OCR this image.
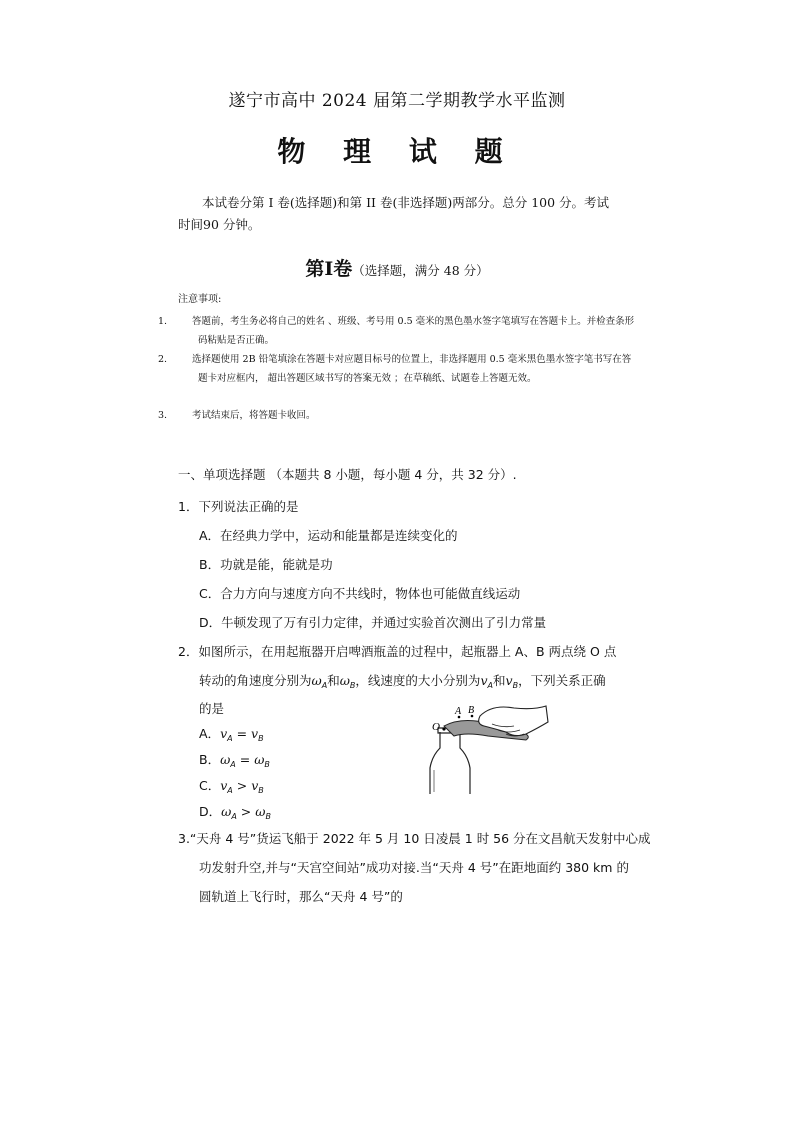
遂宁市高中 2024 届第二学期教学水平监测
物 理 试 题
本试卷分第 I 卷(选择题)和第 II 卷(非选择题)两部分。总分 100 分。考试时间90 分钟。
第Ⅰ卷（选择题，满分 48 分）
注意事项:
1.	答题前，考生务必将自己的姓名 、班级、考号用 0.5 毫米的黑色墨水签字笔填写在答题卡上。并检查条形码粘贴是否正确。
2.	选择题使用 2B 铅笔填涂在答题卡对应题目标号的位置上，非选择题用 0.5 毫米黑色墨水签字笔书写在答题卡对应框内， 超出答题区域书写的答案无效 ；在草稿纸、试题卷上答题无效。
3.	考试结束后，将答题卡收回。
一、单项选择题 （本题共 8 小题，每小题 4 分，共 32 分）.
1．下列说法正确的是
A．在经典力学中，运动和能量都是连续变化的
B．功就是能，能就是功
C．合力方向与速度方向不共线时，物体也可能做直线运动
D．牛顿发现了万有引力定律，并通过实验首次测出了引力常量
2．如图所示，在用起瓶器开启啤酒瓶盖的过程中，起瓶器上 A、B 两点绕 O 点
转动的角速度分别为$\omega_A$和$\omega_B$，线速度的大小分别为$v_A$和$v_B$，下列关系正确
的是
A．$v_A = v_B$
B．$\omega_A = \omega_B$
C．$v_A > v_B$
D．$\omega_A > \omega_B$
O
A B
3.“天舟 4 号”货运飞船于 2022 年 5 月 10 日凌晨 1 时 56 分在文昌航天发射中心成
功发射升空,并与“天宫空间站”成功对接.当“天舟 4 号”在距地面约 380 km 的
圆轨道上飞行时，那么“天舟 4 号”的
